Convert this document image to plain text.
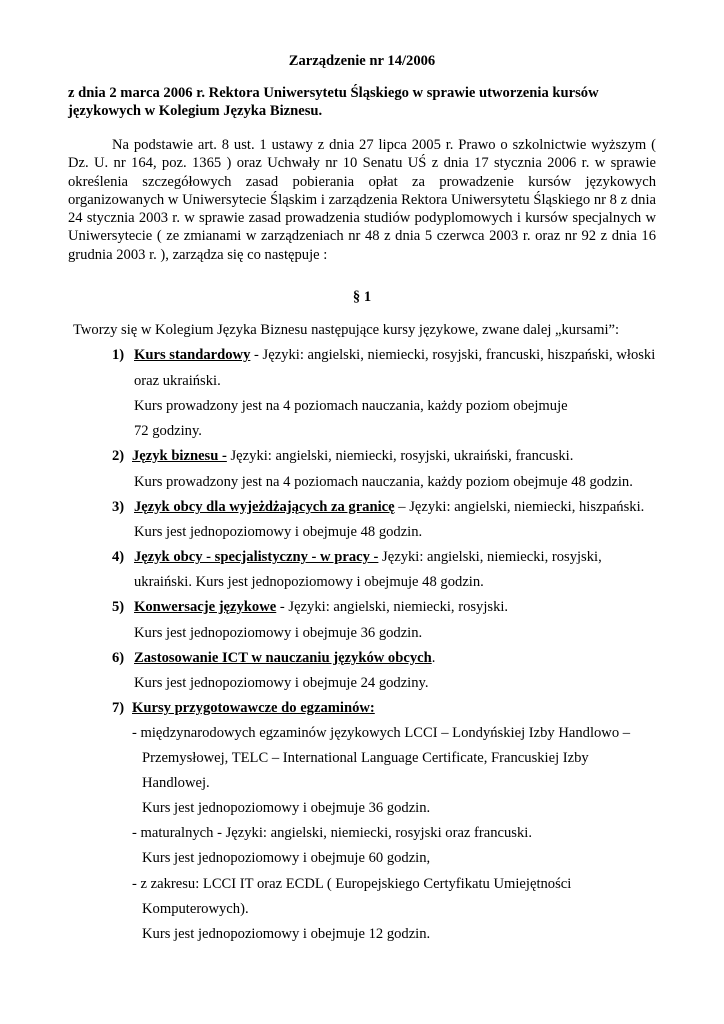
Zarządzenie nr 14/2006
z dnia 2 marca 2006 r. Rektora Uniwersytetu Śląskiego w sprawie utworzenia kursów językowych w Kolegium Języka Biznesu.
Na podstawie art. 8 ust. 1 ustawy z dnia 27 lipca 2005 r. Prawo o szkolnictwie wyższym ( Dz. U. nr 164, poz. 1365 ) oraz Uchwały nr 10 Senatu UŚ z dnia 17 stycznia 2006 r. w sprawie określenia szczegółowych zasad pobierania opłat za prowadzenie kursów językowych organizowanych w Uniwersytecie Śląskim i zarządzenia Rektora Uniwersytetu Śląskiego nr 8 z dnia 24 stycznia 2003 r. w sprawie zasad prowadzenia studiów podyplomowych i kursów specjalnych w Uniwersytecie ( ze zmianami w zarządzeniach nr 48 z dnia 5 czerwca 2003 r. oraz nr 92 z dnia 16 grudnia 2003 r. ), zarządza się co następuje :
§ 1
Tworzy się w Kolegium Języka Biznesu następujące kursy językowe, zwane dalej „kursami”:
1) Kurs standardowy - Języki: angielski, niemiecki, rosyjski, francuski, hiszpański, włoski
oraz ukraiński.
Kurs prowadzony jest na 4 poziomach nauczania, każdy poziom obejmuje
72 godziny.
2) Język biznesu - Języki: angielski, niemiecki, rosyjski, ukraiński, francuski.
Kurs prowadzony jest na 4 poziomach nauczania, każdy poziom obejmuje 48 godzin.
3) Język obcy dla wyjeżdżających za granicę – Języki: angielski, niemiecki, hiszpański.
Kurs jest jednopoziomowy i obejmuje 48 godzin.
4) Język obcy - specjalistyczny - w pracy - Języki: angielski, niemiecki, rosyjski,
ukraiński. Kurs jest jednopoziomowy i obejmuje 48 godzin.
5) Konwersacje językowe - Języki: angielski, niemiecki, rosyjski.
Kurs jest jednopoziomowy i obejmuje 36 godzin.
6) Zastosowanie ICT w nauczaniu języków obcych.
Kurs jest jednopoziomowy i obejmuje 24 godziny.
7) Kursy przygotowawcze do egzaminów:
- międzynarodowych egzaminów językowych LCCI – Londyńskiej Izby Handlowo –
Przemysłowej, TELC – International Language Certificate, Francuskiej Izby
Handlowej.
Kurs jest jednopoziomowy i obejmuje 36 godzin.
- maturalnych - Języki: angielski, niemiecki, rosyjski oraz francuski.
Kurs jest jednopoziomowy i obejmuje 60 godzin,
- z zakresu: LCCI IT oraz ECDL ( Europejskiego Certyfikatu Umiejętności
Komputerowych).
Kurs jest jednopoziomowy i obejmuje 12 godzin.
